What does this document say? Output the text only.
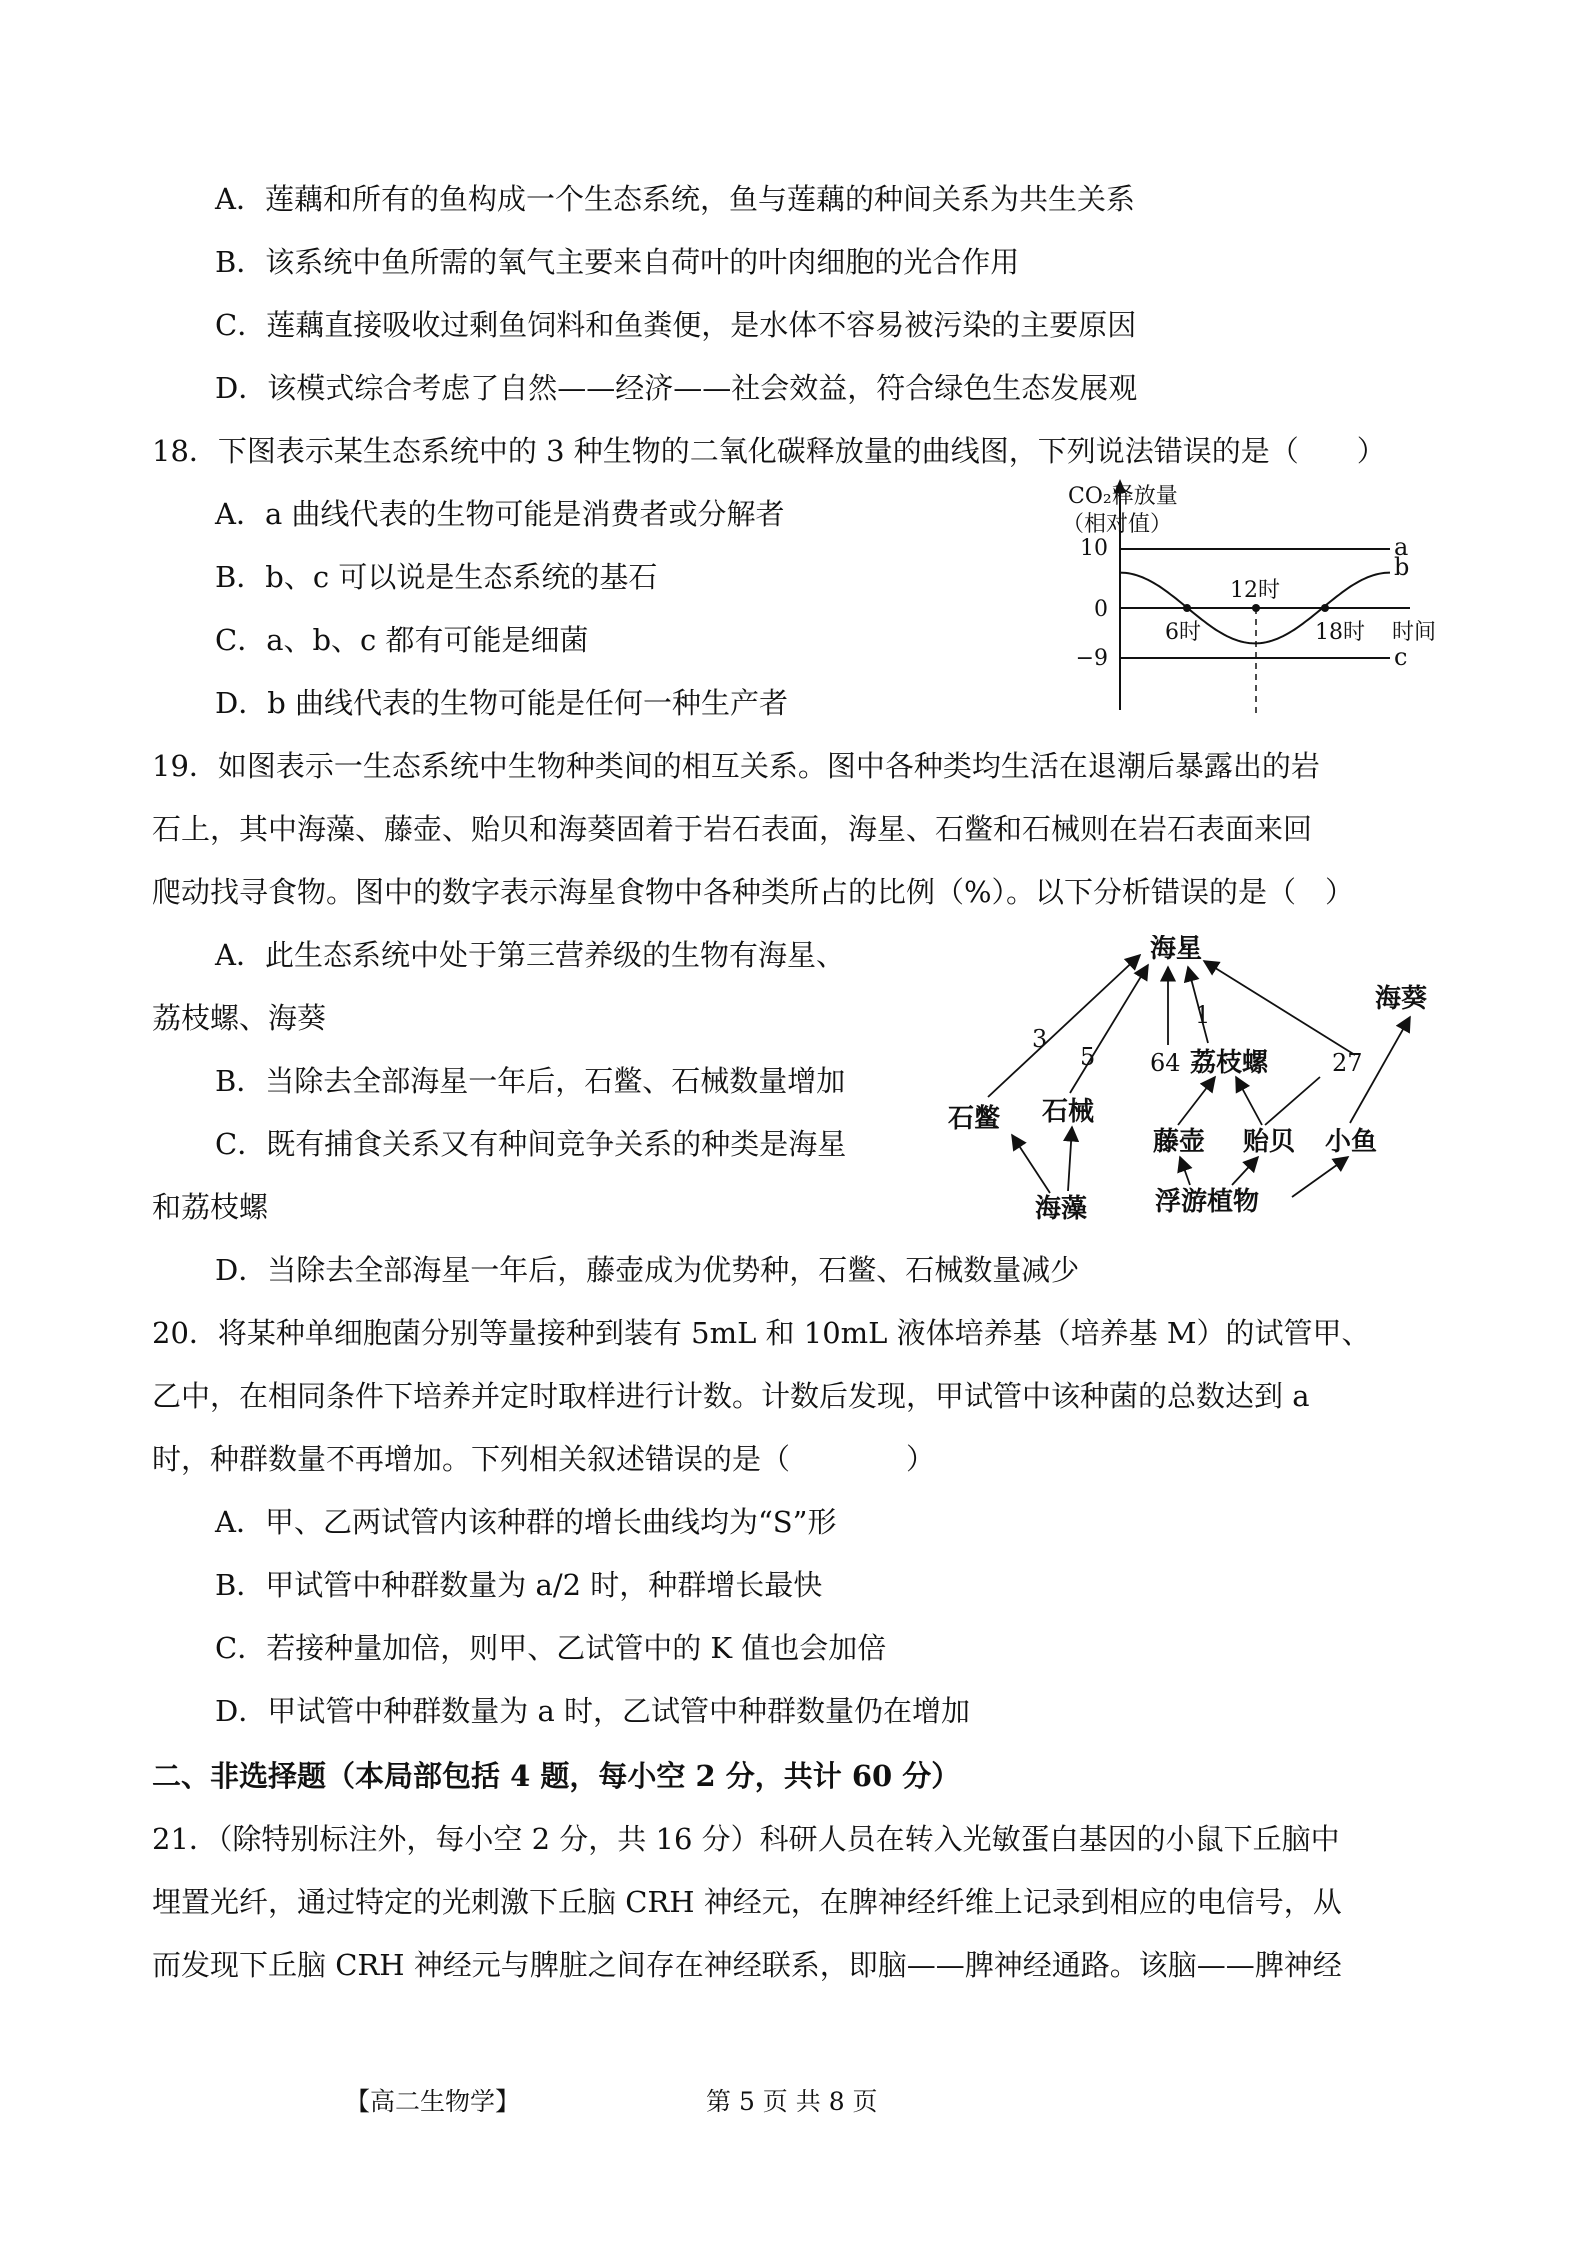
A．莲藕和所有的鱼构成一个生态系统，鱼与莲藕的种间关系为共生关系
B．该系统中鱼所需的氧气主要来自荷叶的叶肉细胞的光合作用
C．莲藕直接吸收过剩鱼饲料和鱼粪便，是水体不容易被污染的主要原因
D．该模式综合考虑了自然——经济——社会效益，符合绿色生态发展观
18．下图表示某生态系统中的 3 种生物的二氧化碳释放量的曲线图，下列说法错误的是（　　）
A．a 曲线代表的生物可能是消费者或分解者
B．b、c 可以说是生态系统的基石
C．a、b、c 都有可能是细菌
D．b 曲线代表的生物可能是任何一种生产者
CO₂释放量
（相对值）
10
0
−9
6时
12时
18时 时间
a
b
c
19．如图表示一生态系统中生物种类间的相互关系。图中各种类均生活在退潮后暴露出的岩
石上，其中海藻、藤壶、贻贝和海葵固着于岩石表面，海星、石鳖和石械则在岩石表面来回
爬动找寻食物。图中的数字表示海星食物中各种类所占的比例（%）。以下分析错误的是（　）
A．此生态系统中处于第三营养级的生物有海星、
荔枝螺、海葵
B．当除去全部海星一年后，石鳖、石械数量增加
C．既有捕食关系又有种间竞争关系的种类是海星
和荔枝螺
D．当除去全部海星一年后，藤壶成为优势种，石鳖、石械数量减少
海星
海葵
荔枝螺
石鳖 石械
藤壶 贻贝 小鱼
海藻	浮游植物
3
5
1
64	27
20．将某种单细胞菌分别等量接种到装有 5mL 和 10mL 液体培养基（培养基 M）的试管甲、
乙中，在相同条件下培养并定时取样进行计数。计数后发现，甲试管中该种菌的总数达到 a
时，种群数量不再增加。下列相关叙述错误的是（　　　　）
A．甲、乙两试管内该种群的增长曲线均为“S”形
B．甲试管中种群数量为 a/2 时，种群增长最快
C．若接种量加倍，则甲、乙试管中的 K 值也会加倍
D．甲试管中种群数量为 a 时，乙试管中种群数量仍在增加
二、非选择题（本局部包括 4 题，每小空 2 分，共计 60 分）
21．（除特别标注外，每小空 2 分，共 16 分）科研人员在转入光敏蛋白基因的小鼠下丘脑中
埋置光纤，通过特定的光刺激下丘脑 CRH 神经元，在脾神经纤维上记录到相应的电信号，从
而发现下丘脑 CRH 神经元与脾脏之间存在神经联系，即脑——脾神经通路。该脑——脾神经
【高二生物学】	第 5 页 共 8 页
